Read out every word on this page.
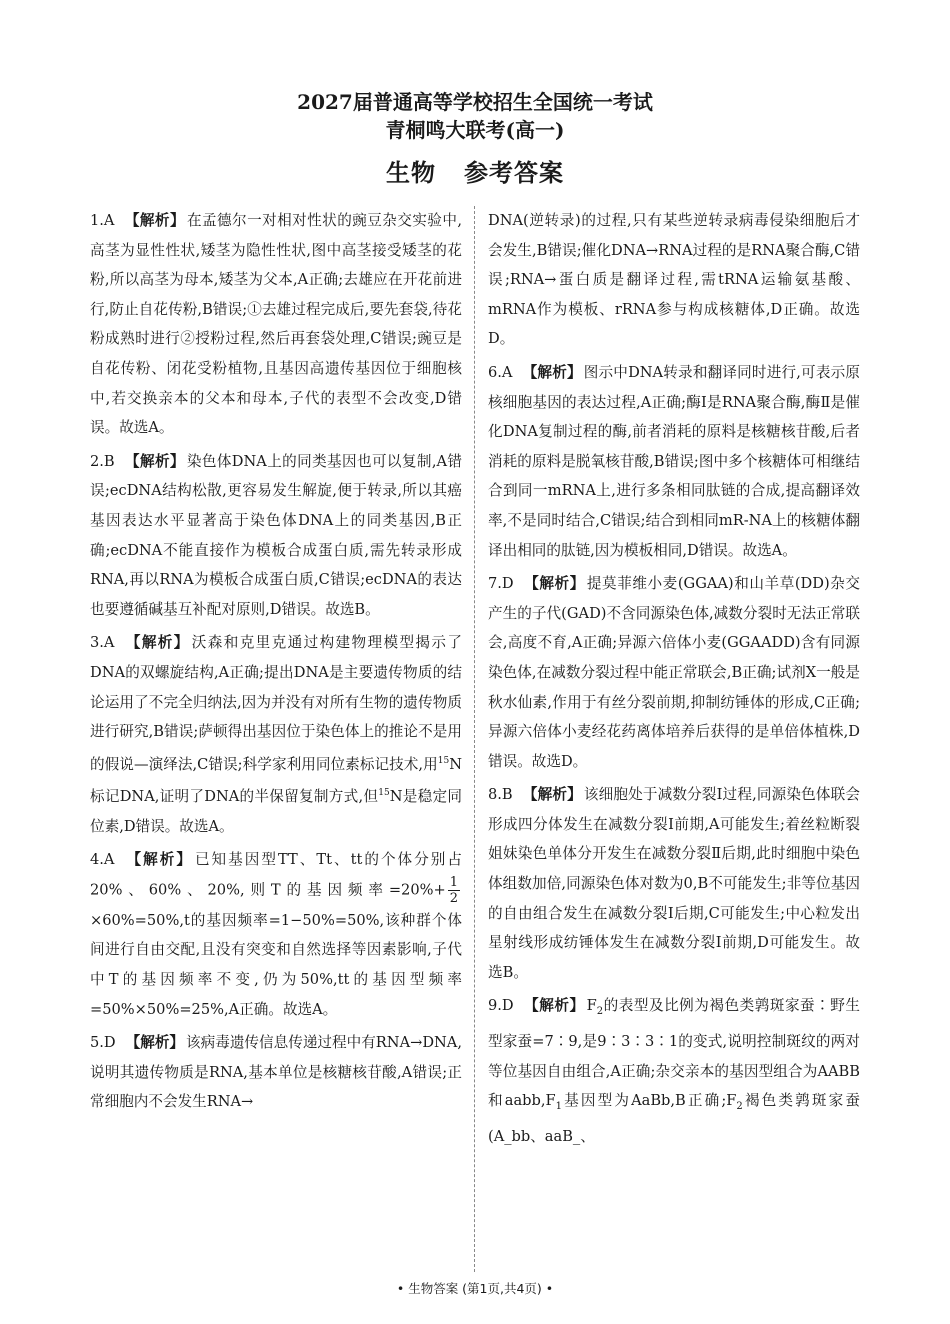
2027届普通高等学校招生全国统一考试
青桐鸣大联考(高一)
生物 参考答案
1.A 【解析】 在孟德尔一对相对性状的豌豆杂交实验中,高茎为显性性状,矮茎为隐性性状,图中高茎接受矮茎的花粉,所以高茎为母本,矮茎为父本,A正确;去雄应在开花前进行,防止自花传粉,B错误;①去雄过程完成后,要先套袋,待花粉成熟时进行②授粉过程,然后再套袋处理,C错误;豌豆是自花传粉、闭花受粉植物,且基因高遗传基因位于细胞核中,若交换亲本的父本和母本,子代的表型不会改变,D错误。故选A。
2.B 【解析】 染色体DNA上的同类基因也可以复制,A错误;ecDNA结构松散,更容易发生解旋,便于转录,所以其癌基因表达水平显著高于染色体DNA上的同类基因,B正确;ecDNA不能直接作为模板合成蛋白质,需先转录形成RNA,再以RNA为模板合成蛋白质,C错误;ecDNA的表达也要遵循碱基互补配对原则,D错误。故选B。
3.A 【解析】 沃森和克里克通过构建物理模型揭示了DNA的双螺旋结构,A正确;提出DNA是主要遗传物质的结论运用了不完全归纳法,因为并没有对所有生物的遗传物质进行研究,B错误;萨顿得出基因位于染色体上的推论不是用的假说—演绎法,C错误;科学家利用同位素标记技术,用$^{15}$N标记DNA,证明了DNA的半保留复制方式,但$^{15}$N是稳定同位素,D错误。故选A。
4.A 【解析】 已知基因型TT、Tt、tt的个体分别占20%、60%、20%,则T的基因频率$=20\%+ \frac{1}{2}$
×60%=50%,t的基因频率=1−50%=50%,该种群个体间进行自由交配,且没有突变和自然选择等因素影响,子代中T的基因频率不变,仍为50%,tt的基因型频率=50%×50%=25%,A正确。故选A。
5.D 【解析】 该病毒遗传信息传递过程中有RNA→DNA,说明其遗传物质是RNA,基本单位是核糖核苷酸,A错误;正常细胞内不会发生RNA→
DNA(逆转录)的过程,只有某些逆转录病毒侵染细胞后才会发生,B错误;催化DNA→RNA过程的是RNA聚合酶,C错误;RNA→蛋白质是翻译过程,需tRNA运输氨基酸、mRNA作为模板、rRNA参与构成核糖体,D正确。故选D。
6.A 【解析】 图示中DNA转录和翻译同时进行,可表示原核细胞基因的表达过程,A正确;酶Ⅰ是RNA聚合酶,酶Ⅱ是催化DNA复制过程的酶,前者消耗的原料是核糖核苷酸,后者消耗的原料是脱氧核苷酸,B错误;图中多个核糖体可相继结合到同一mRNA上,进行多条相同肽链的合成,提高翻译效率,不是同时结合,C错误;结合到相同mR-NA上的核糖体翻译出相同的肽链,因为模板相同,D错误。故选A。
7.D 【解析】 提莫菲维小麦(GGAA)和山羊草(DD)杂交产生的子代(GAD)不含同源染色体,减数分裂时无法正常联会,高度不育,A正确;异源六倍体小麦(GGAADD)含有同源染色体,在减数分裂过程中能正常联会,B正确;试剂X一般是秋水仙素,作用于有丝分裂前期,抑制纺锤体的形成,C正确;异源六倍体小麦经花药离体培养后获得的是单倍体植株,D错误。故选D。
8.B 【解析】 该细胞处于减数分裂Ⅰ过程,同源染色体联会形成四分体发生在减数分裂Ⅰ前期,A可能发生;着丝粒断裂姐妹染色单体分开发生在减数分裂Ⅱ后期,此时细胞中染色体组数加倍,同源染色体对数为0,B不可能发生;非等位基因的自由组合发生在减数分裂Ⅰ后期,C可能发生;中心粒发出星射线形成纺锤体发生在减数分裂Ⅰ前期,D可能发生。故选B。
9.D 【解析】 $F_2$的表型及比例为褐色类鹑斑家蚕∶野生型家蚕=7∶9,是9∶3∶3∶1的变式,说明控制斑纹的两对等位基因自由组合,A正确;杂交亲本的基因型组合为AABB和$aabb,F_1$基因型为AaBb,B正确$;F_2$褐色类鹑斑家蚕(A_bb、aaB_、
• 生物答案 (第1页,共4页) •
